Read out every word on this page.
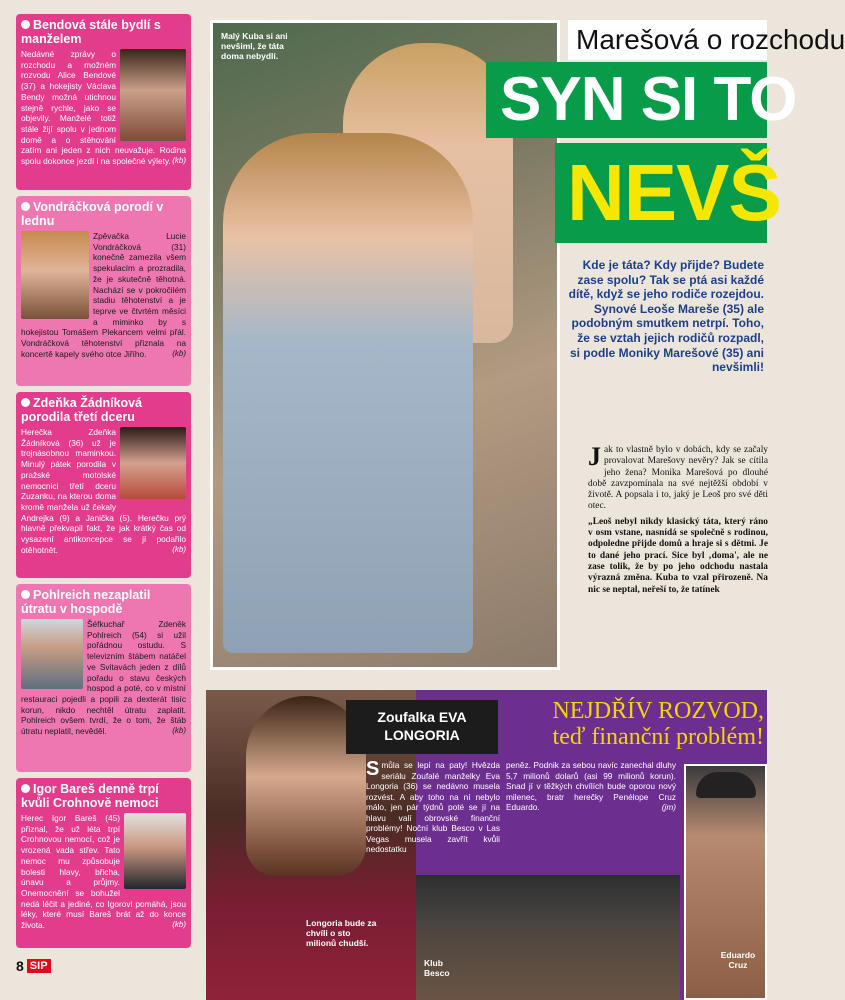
Bendová stále bydlí s manželem
Nedávné zprávy o rozchodu a možném rozvodu Alice Bendové (37) a hokejisty Václava Bendy možná utichnou stejně rychle, jako se objevily. Manželé totiž stále žijí spolu v jednom domě a o stěhování zatím ani jeden z nich neuvažuje. Rodina spolu dokonce jezdí i na společné výlety. (kb)
Vondráčková porodí v lednu
Zpěvačka Lucie Vondráčková (31) konečně zamezila všem spekulacím a prozradila, že je skutečně těhotná. Nachází se v pokročilém stadiu těhotenství a je teprve ve čtvrtém měsíci a miminko by s hokejistou Tomášem Plekancem velmi přál. Vondráčková těhotenství přiznala na koncertě kapely svého otce Jiřího.	(kb)
Zdeňka Žádníková porodila třetí dceru
Herečka Zdeňka Žádníková (36) už je trojnásobnou maminkou. Minulý pátek porodila v pražské motolské nemocnici třetí dceru Zuzanku, na kterou doma kromě manžela už čekaly Andrejka (9) a Janička (5). Herečku prý hlavně překvapil fakt, že jak krátký čas od vysazení antikoncepce se jí podařilo otěhotnět.	(kb)
Pohlreich nezaplatil útratu v hospodě
Šéfkuchař Zdeněk Pohlreich (54) si užil pořádnou ostudu. S televizním štábem natáčel ve Svitavách jeden z dílů pořadu o stavu českých hospod a poté, co v místní restauraci pojedli a popili za dexterát tisíc korun, nikdo nechtěl útratu zaplatit. Pohlreich ovšem tvrdí, že o tom, že štáb útratu neplatil, nevěděl.	(kb)
Igor Bareš denně trpí kvůli Crohnově nemoci
Herec Igor Bareš (45) přiznal, že už léta trpí Crohnovou nemocí, což je vrozená vada střev. Tato nemoc mu způsobuje bolesti hlavy, břicha, únavu a průjmy. Onemocnění se bohužel nedá léčit a jediné, co Igorovi pomáhá, jsou léky, které musí Bareš brát až do konce života.	(kb)
Malý Kuba si ani nevšiml, že táta doma nebydlí.
Marešová o rozchodu
SYN SI TO
NEVŠ
Kde je táta? Kdy přijde? Budete zase spolu? Tak se ptá asi každé dítě, když se jeho rodiče rozejdou. Synové Leoše Mareše (35) ale podobným smutkem netrpí. Toho, že se vztah jejich rodičů rozpadl, si podle Moniky Marešové (35) ani nevšimli!
J ak to vlastně bylo v dobách, kdy se začaly provalovat Marešovy nevěry? Jak se cítila jeho žena? Monika Marešová po dlouhé době zavzpomínala na své nejtěžší období v životě. A popsala i to, jaký je Leoš pro své děti otec.
„Leoš nebyl nikdy klasický táta, který ráno v osm vstane, nasnídá se společně s rodinou, odpoledne přijde domů a hraje si s dětmi. Je to dané jeho prací. Sice byl ‚doma', ale ne zase tolik, že by po jeho odchodu nastala výrazná změna. Kuba to vzal přirozeně. Na nic se neptal, neřeší to, že tatínek
Zoufalka EVA
LONGORIA
NEJDŘÍV ROZVOD,
teď finanční problém!
Smůla se lepí na paty! Hvězda seriálu Zoufalé manželky Eva Longoria (36) se nedávno musela rozvést. A aby toho na ní nebylo málo, jen pár týdnů poté se jí na hlavu valí obrovské finanční problémy! Noční klub Besco v Las Vegas musela zavřít kvůli nedostatku
peněz. Podnik za sebou navíc zanechal dluhy 5,7 milionů dolarů (asi 99 milionů korun). Snad jí v těžkých chvílích bude oporou nový milenec, bratr herečky Penélope Cruz Eduardo.	(jm)
Longoria bude za chvíli o sto milionů chudší.
Klub Besco
Eduardo Cruz
8 SIP
